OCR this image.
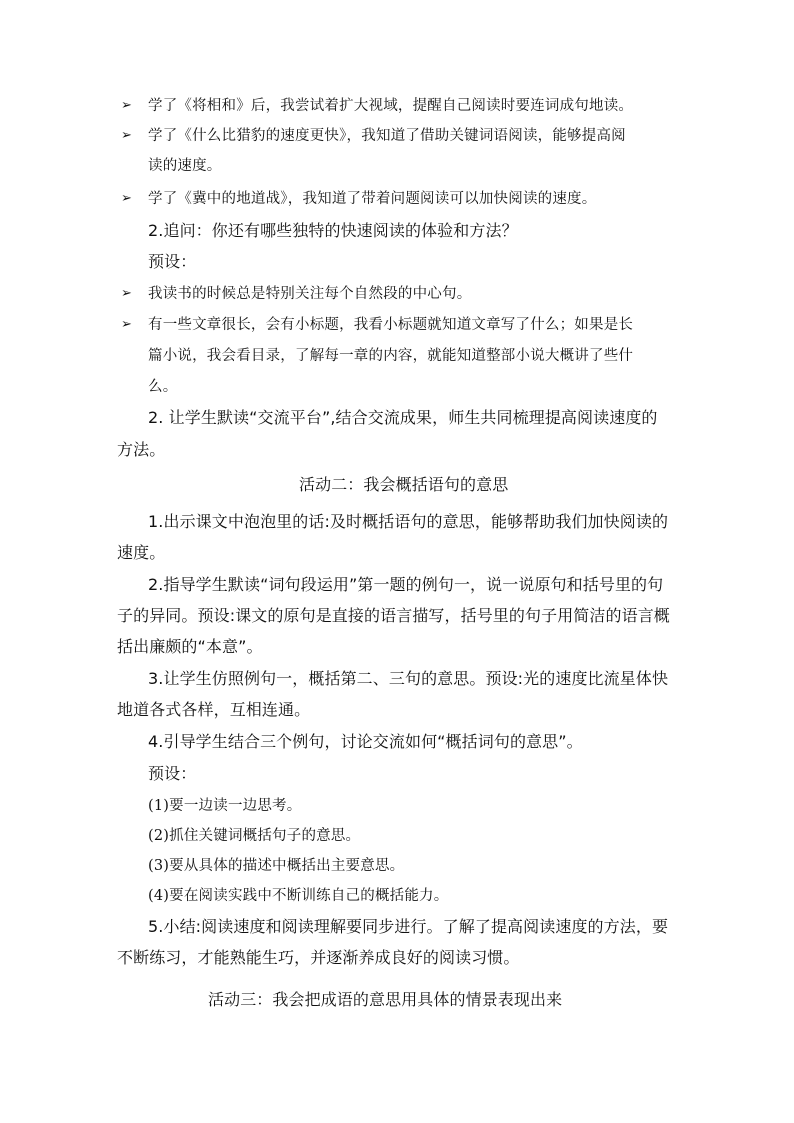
➢ 学了《将相和》后，我尝试着扩大视域，提醒自己阅读时要连词成句地读。
➢ 学了《什么比猎豹的速度更快》，我知道了借助关键词语阅读，能够提高阅
读的速度。
➢ 学了《冀中的地道战》，我知道了带着问题阅读可以加快阅读的速度。
2.追问：你还有哪些独特的快速阅读的体验和方法？
预设：
➢ 我读书的时候总是特别关注每个自然段的中心句。
➢ 有一些文章很长，会有小标题，我看小标题就知道文章写了什么；如果是长
篇小说，我会看目录，了解每一章的内容，就能知道整部小说大概讲了些什
么。
2. 让学生默读“交流平台”,结合交流成果，师生共同梳理提高阅读速度的
方法。
活动二：我会概括语句的意思
1.出示课文中泡泡里的话:及时概括语句的意思，能够帮助我们加快阅读的
速度。
2.指导学生默读“词句段运用”第一题的例句一，说一说原句和括号里的句
子的异同。预设:课文的原句是直接的语言描写，括号里的句子用简洁的语言概
括出廉颇的“本意”。
3.让学生仿照例句一，概括第二、三句的意思。预设:光的速度比流星体快
地道各式各样，互相连通。
4.引导学生结合三个例句，讨论交流如何“概括词句的意思”。
预设：
(1)要一边读一边思考。
(2)抓住关键词概括句子的意思。
(3)要从具体的描述中概括出主要意思。
(4)要在阅读实践中不断训练自己的概括能力。
5.小结:阅读速度和阅读理解要同步进行。了解了提高阅读速度的方法，要
不断练习，才能熟能生巧，并逐渐养成良好的阅读习惯。
活动三：我会把成语的意思用具体的情景表现出来
